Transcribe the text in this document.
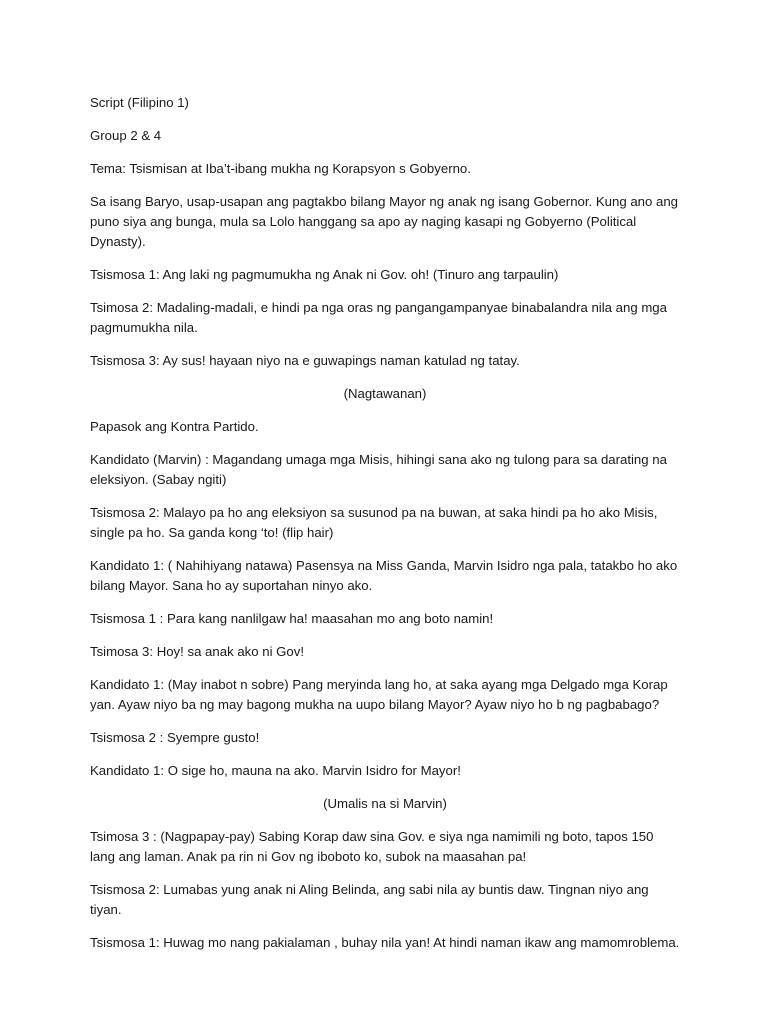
Script (Filipino 1)

Group 2 & 4

Tema: Tsismisan at Iba’t-ibang mukha ng Korapsyon s Gobyerno.

Sa isang Baryo, usap-usapan ang pagtakbo bilang Mayor ng anak ng isang Gobernor. Kung ano ang puno siya ang bunga, mula sa Lolo hanggang sa apo ay naging kasapi ng Gobyerno (Political Dynasty).

Tsismosa 1: Ang laki ng pagmumukha ng Anak ni Gov. oh! (Tinuro ang tarpaulin)

Tsimosa 2: Madaling-madali, e hindi pa nga oras ng pangangampanyae binabalandra nila ang mga pagmumukha nila.

Tsismosa 3: Ay sus! hayaan niyo na e guwapings naman katulad ng tatay.

(Nagtawanan)

Papasok ang Kontra Partido.

Kandidato (Marvin) : Magandang umaga mga Misis, hihingi sana ako ng tulong para sa darating na eleksiyon. (Sabay ngiti)

Tsismosa 2: Malayo pa ho ang eleksiyon sa susunod pa na buwan, at saka hindi pa ho ako Misis, single pa ho. Sa ganda kong ‘to! (flip hair)

Kandidato 1: ( Nahihiyang natawa) Pasensya na Miss Ganda, Marvin Isidro nga pala, tatakbo ho ako bilang Mayor. Sana ho ay suportahan ninyo ako.

Tsismosa 1 : Para kang nanlilgaw ha! maasahan mo ang boto namin!

Tsimosa 3: Hoy! sa anak ako ni Gov!

Kandidato 1: (May inabot n sobre) Pang meryinda lang ho, at saka ayang mga Delgado mga Korap yan. Ayaw niyo ba ng may bagong mukha na uupo bilang Mayor? Ayaw niyo ho b ng pagbabago?

Tsismosa 2 : Syempre gusto!

Kandidato 1: O sige ho, mauna na ako. Marvin Isidro for Mayor!

(Umalis na si Marvin)

Tsimosa 3 : (Nagpapay-pay) Sabing Korap daw sina Gov. e siya nga namimili ng boto, tapos 150 lang ang laman. Anak pa rin ni Gov ng iboboto ko, subok na maasahan pa!

Tsismosa 2: Lumabas yung anak ni Aling Belinda, ang sabi nila ay buntis daw. Tingnan niyo ang tiyan.

Tsismosa 1: Huwag mo nang pakialaman , buhay nila yan! At hindi naman ikaw ang mamomroblema.
